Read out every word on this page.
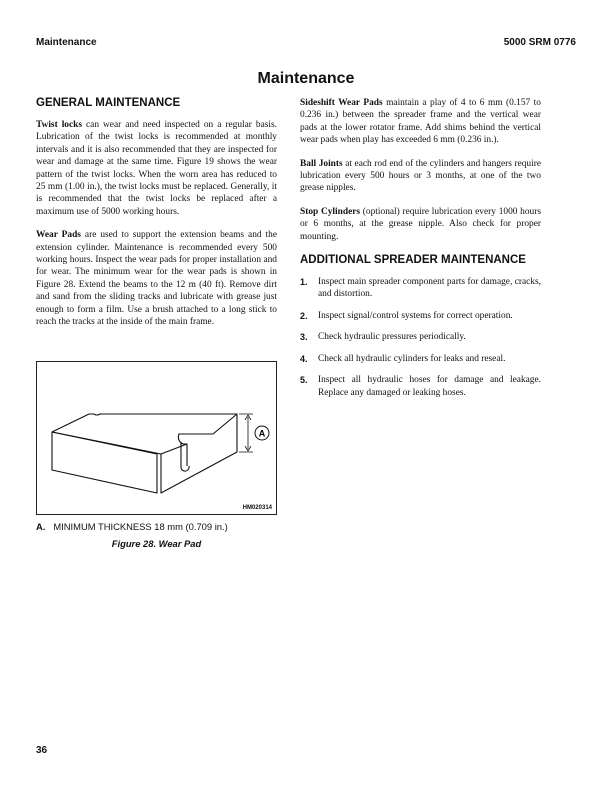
Maintenance	5000 SRM 0776
Maintenance
GENERAL MAINTENANCE

Twist locks can wear and need inspected on a regular basis. Lubrication of the twist locks is recommended at monthly intervals and it is also recommended that they are inspected for wear and damage at the same time. Figure 19 shows the wear pattern of the twist locks. When the worn area has reduced to 25 mm (1.00 in.), the twist locks must be replaced. Generally, it is recommended that the twist locks be replaced after a maximum use of 5000 working hours.

Wear Pads are used to support the extension beams and the extension cylinder. Maintenance is recommended every 500 working hours. Inspect the wear pads for proper installation and for wear. The minimum wear for the wear pads is shown in Figure 28. Extend the beams to the 12 m (40 ft). Remove dirt and sand from the sliding tracks and lubricate with grease just enough to form a film. Use a brush attached to a long stick to reach the tracks at the inside of the main frame.

A
HM020314
A. MINIMUM THICKNESS 18 mm (0.709 in.)
Figure 28. Wear Pad

Sideshift Wear Pads maintain a play of 4 to 6 mm (0.157 to 0.236 in.) between the spreader frame and the vertical wear pads at the lower rotator frame. Add shims behind the vertical wear pads when play has exceeded 6 mm (0.236 in.).

Ball Joints at each rod end of the cylinders and hangers require lubrication every 500 hours or 3 months, at one of the two grease nipples.

Stop Cylinders (optional) require lubrication every 1000 hours or 6 months, at the grease nipple. Also check for proper mounting.

ADDITIONAL SPREADER MAINTENANCE
1. Inspect main spreader component parts for damage, cracks, and distortion.
2. Inspect signal/control systems for correct operation.
3. Check hydraulic pressures periodically.
4. Check all hydraulic cylinders for leaks and reseal.
5. Inspect all hydraulic hoses for damage and leakage. Replace any damaged or leaking hoses.
36
